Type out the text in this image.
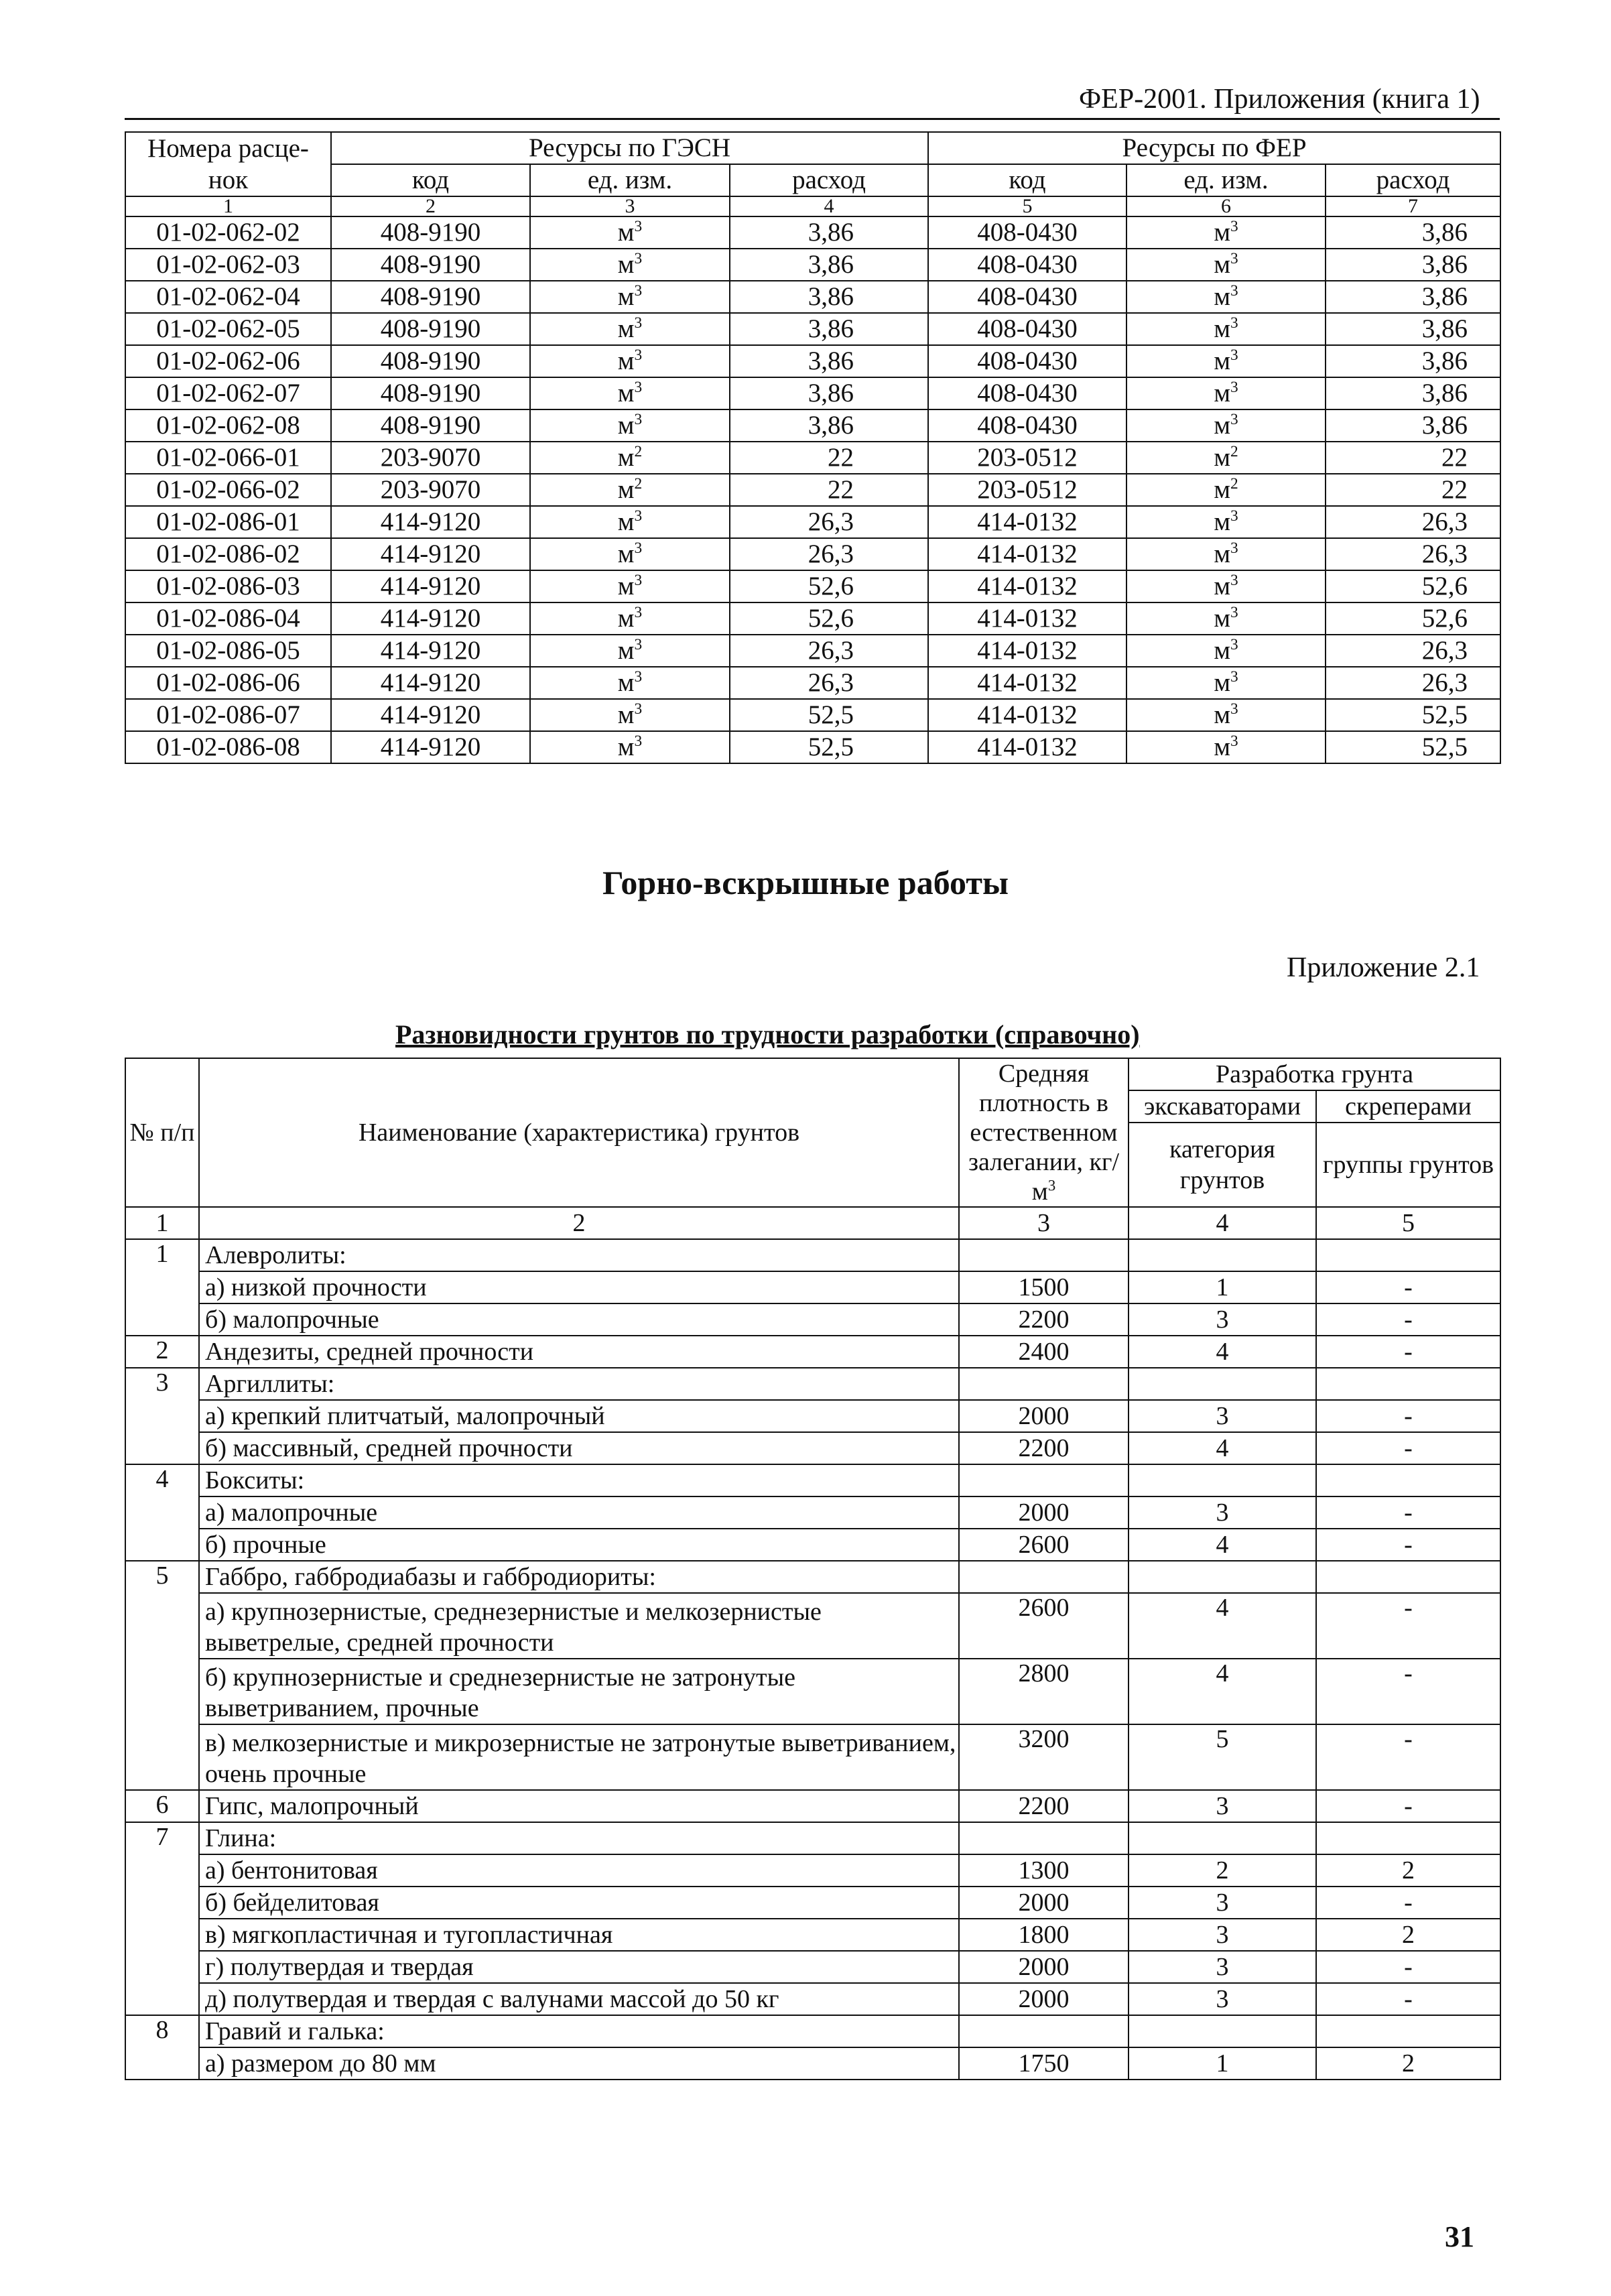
ФЕР-2001. Приложения (книга 1)
Номера расце-	Ресурсы по ГЭСН			Ресурсы по ФЕР		
нок	код	ед. изм.	расход	код	ед. изм.	расход
1	2	3	4	5	6	7
01-02-062-02	408-9190	$м^3$	3,86	408-0430	$м^3$	3,86
01-02-062-03	408-9190	$м^3$	3,86	408-0430	$м^3$	3,86
01-02-062-04	408-9190	$м^3$	3,86	408-0430	$м^3$	3,86
01-02-062-05	408-9190	$м^3$	3,86	408-0430	$м^3$	3,86
01-02-062-06	408-9190	$м^3$	3,86	408-0430	$м^3$	3,86
01-02-062-07	408-9190	$м^3$	3,86	408-0430	$м^3$	3,86
01-02-062-08	408-9190	$м^3$	3,86	408-0430	$м^3$	3,86
01-02-066-01	203-9070	$м^2$	22	203-0512	$м^2$	22
01-02-066-02	203-9070	$м^2$	22	203-0512	$м^2$	22
01-02-086-01	414-9120	$м^3$	26,3	414-0132	$м^3$	26,3
01-02-086-02	414-9120	$м^3$	26,3	414-0132	$м^3$	26,3
01-02-086-03	414-9120	$м^3$	52,6	414-0132	$м^3$	52,6
01-02-086-04	414-9120	$м^3$	52,6	414-0132	$м^3$	52,6
01-02-086-05	414-9120	$м^3$	26,3	414-0132	$м^3$	26,3
01-02-086-06	414-9120	$м^3$	26,3	414-0132	$м^3$	26,3
01-02-086-07	414-9120	$м^3$	52,5	414-0132	$м^3$	52,5
01-02-086-08	414-9120	$м^3$	52,5	414-0132	$м^3$	52,5
Горно-вскрышные работы
Приложение 2.1
Разновидности грунтов по трудности разработки (справочно)
№ п/п	Наименование (характеристика) грунтов	Средняя плотность в естественном залегании, $кг/м^3$	Разработка грунта	
			экскаваторами	скреперами
			категория грунтов	группы грунтов
1	2	3	4	5
1	Алевролиты:			
	а) низкой прочности	1500	1	-
	б) малопрочные	2200	3	-
2	Андезиты, средней прочности	2400	4	-
3	Аргиллиты:			
	а) крепкий плитчатый, малопрочный	2000	3	-
	б) массивный, средней прочности	2200	4	-
4	Бокситы:			
	а) малопрочные	2000	3	-
	б) прочные	2600	4	-
5	Габбро, габбродиабазы и габбродиориты:			
	а) крупнозернистые, среднезернистые и мелкозернистые выветрелые, средней прочности	2600	4	-
	б) крупнозернистые и среднезернистые не затронутые выветриванием, прочные	2800	4	-
	в) мелкозернистые и микрозернистые не затронутые выветриванием, очень прочные	3200	5	-
6	Гипс, малопрочный	2200	3	-
7	Глина:			
	а) бентонитовая	1300	2	2
	б) бейделитовая	2000	3	-
	в) мягкопластичная и тугопластичная	1800	3	2
	г) полутвердая и твердая	2000	3	-
	д) полутвердая и твердая с валунами массой до 50 кг	2000	3	-
8	Гравий и галька:			
	а) размером до 80 мм	1750	1	2
31
